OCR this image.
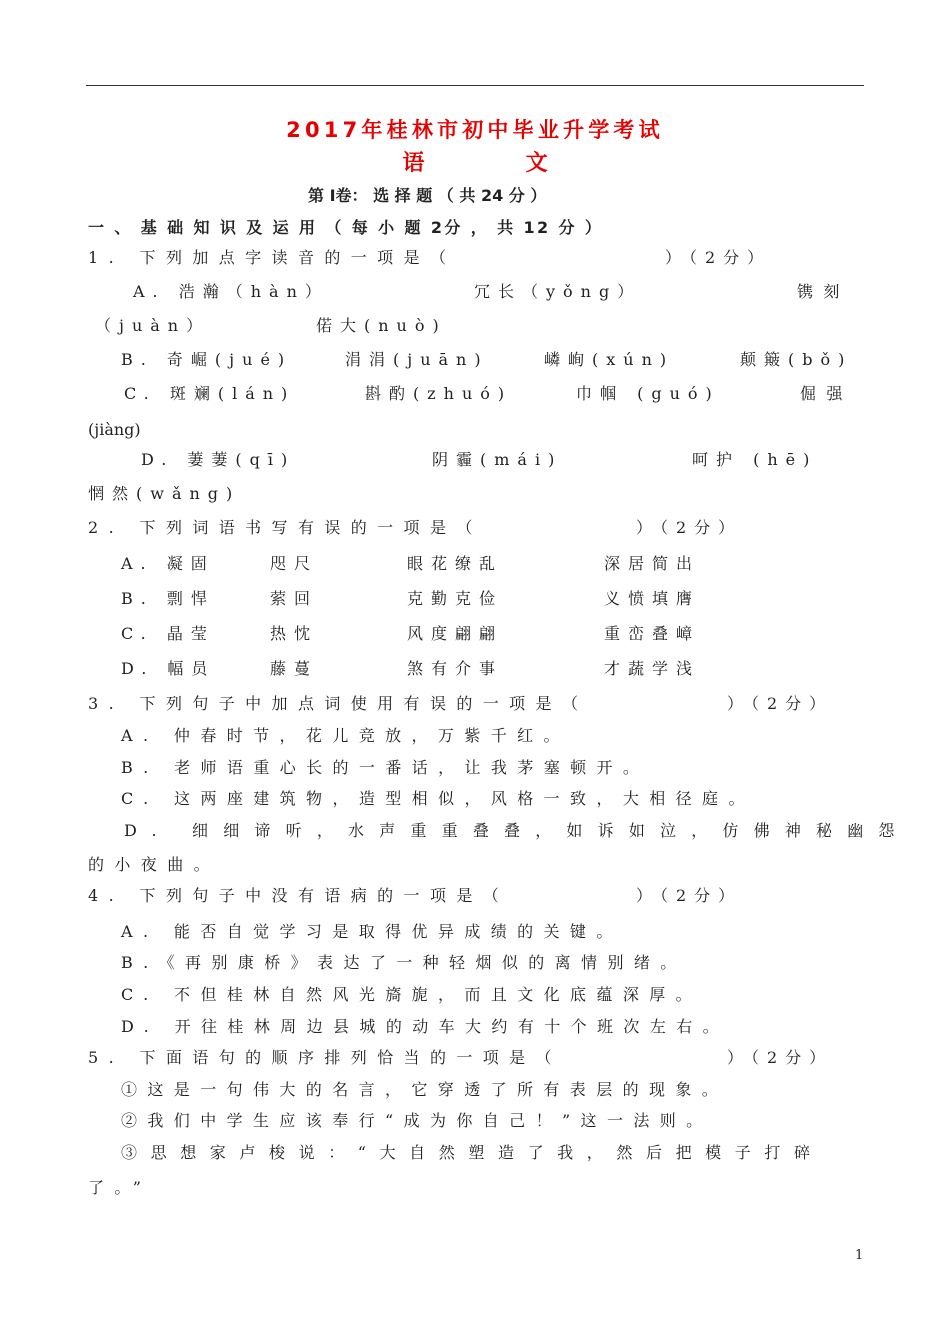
2017年桂林市初中毕业升学考试
语　文
第 I卷： 选 择 题 （ 共 24 分 ）
一 、 基 础 知 识 及 运 用 （ 每 小 题 2分 ， 共 12 分 ）
1. 下列加点字读音的一项是（	）（2分）
A. 浩瀚（hàn）	冗长（yǒng）	镌刻
（juàn）	偌大(nuò)
B. 奇崛(jué)	涓涓(juān)	嶙峋(xún)	颠簸(bǒ)
C. 斑斓(lán)	斟酌(zhuó)	巾帼 (guó)	倔强
(jiàng)
D. 萋萋(qī)	阴霾(mái)	呵护 (hē)
惘然(wǎng)
2. 下列词语书写有误的一项是（	）（2分）
A. 凝固	咫尺	眼花缭乱	深居简出
B. 剽悍	萦回	克勤克俭	义愤填膺
C. 晶莹	热忱	风度翩翩	重峦叠嶂
D. 幅员	藤蔓	煞有介事	才蔬学浅
3. 下列句子中加点词使用有误的一项是（	）（2分）
A. 仲春时节，花儿竞放，万紫千红。
B. 老师语重心长的一番话，让我茅塞顿开。
C. 这两座建筑物，造型相似，风格一致，大相径庭。
D. 细细谛听，水声重重叠叠，如诉如泣，仿佛神秘幽怨
的小夜曲。
4. 下列句子中没有语病的一项是（	）（2分）
A. 能否自觉学习是取得优异成绩的关键。
B.《再别康桥》表达了一种轻烟似的离情别绪。
C. 不但桂林自然风光旖旎，而且文化底蕴深厚。
D. 开往桂林周边县城的动车大约有十个班次左右。
5. 下面语句的顺序排列恰当的一项是（	）（2分）
①这是一句伟大的名言，它穿透了所有表层的现象。
②我们中学生应该奉行“成为你自己！”这一法则。
③思想家卢梭说：“大自然塑造了我，然后把模子打碎
了。”
1
